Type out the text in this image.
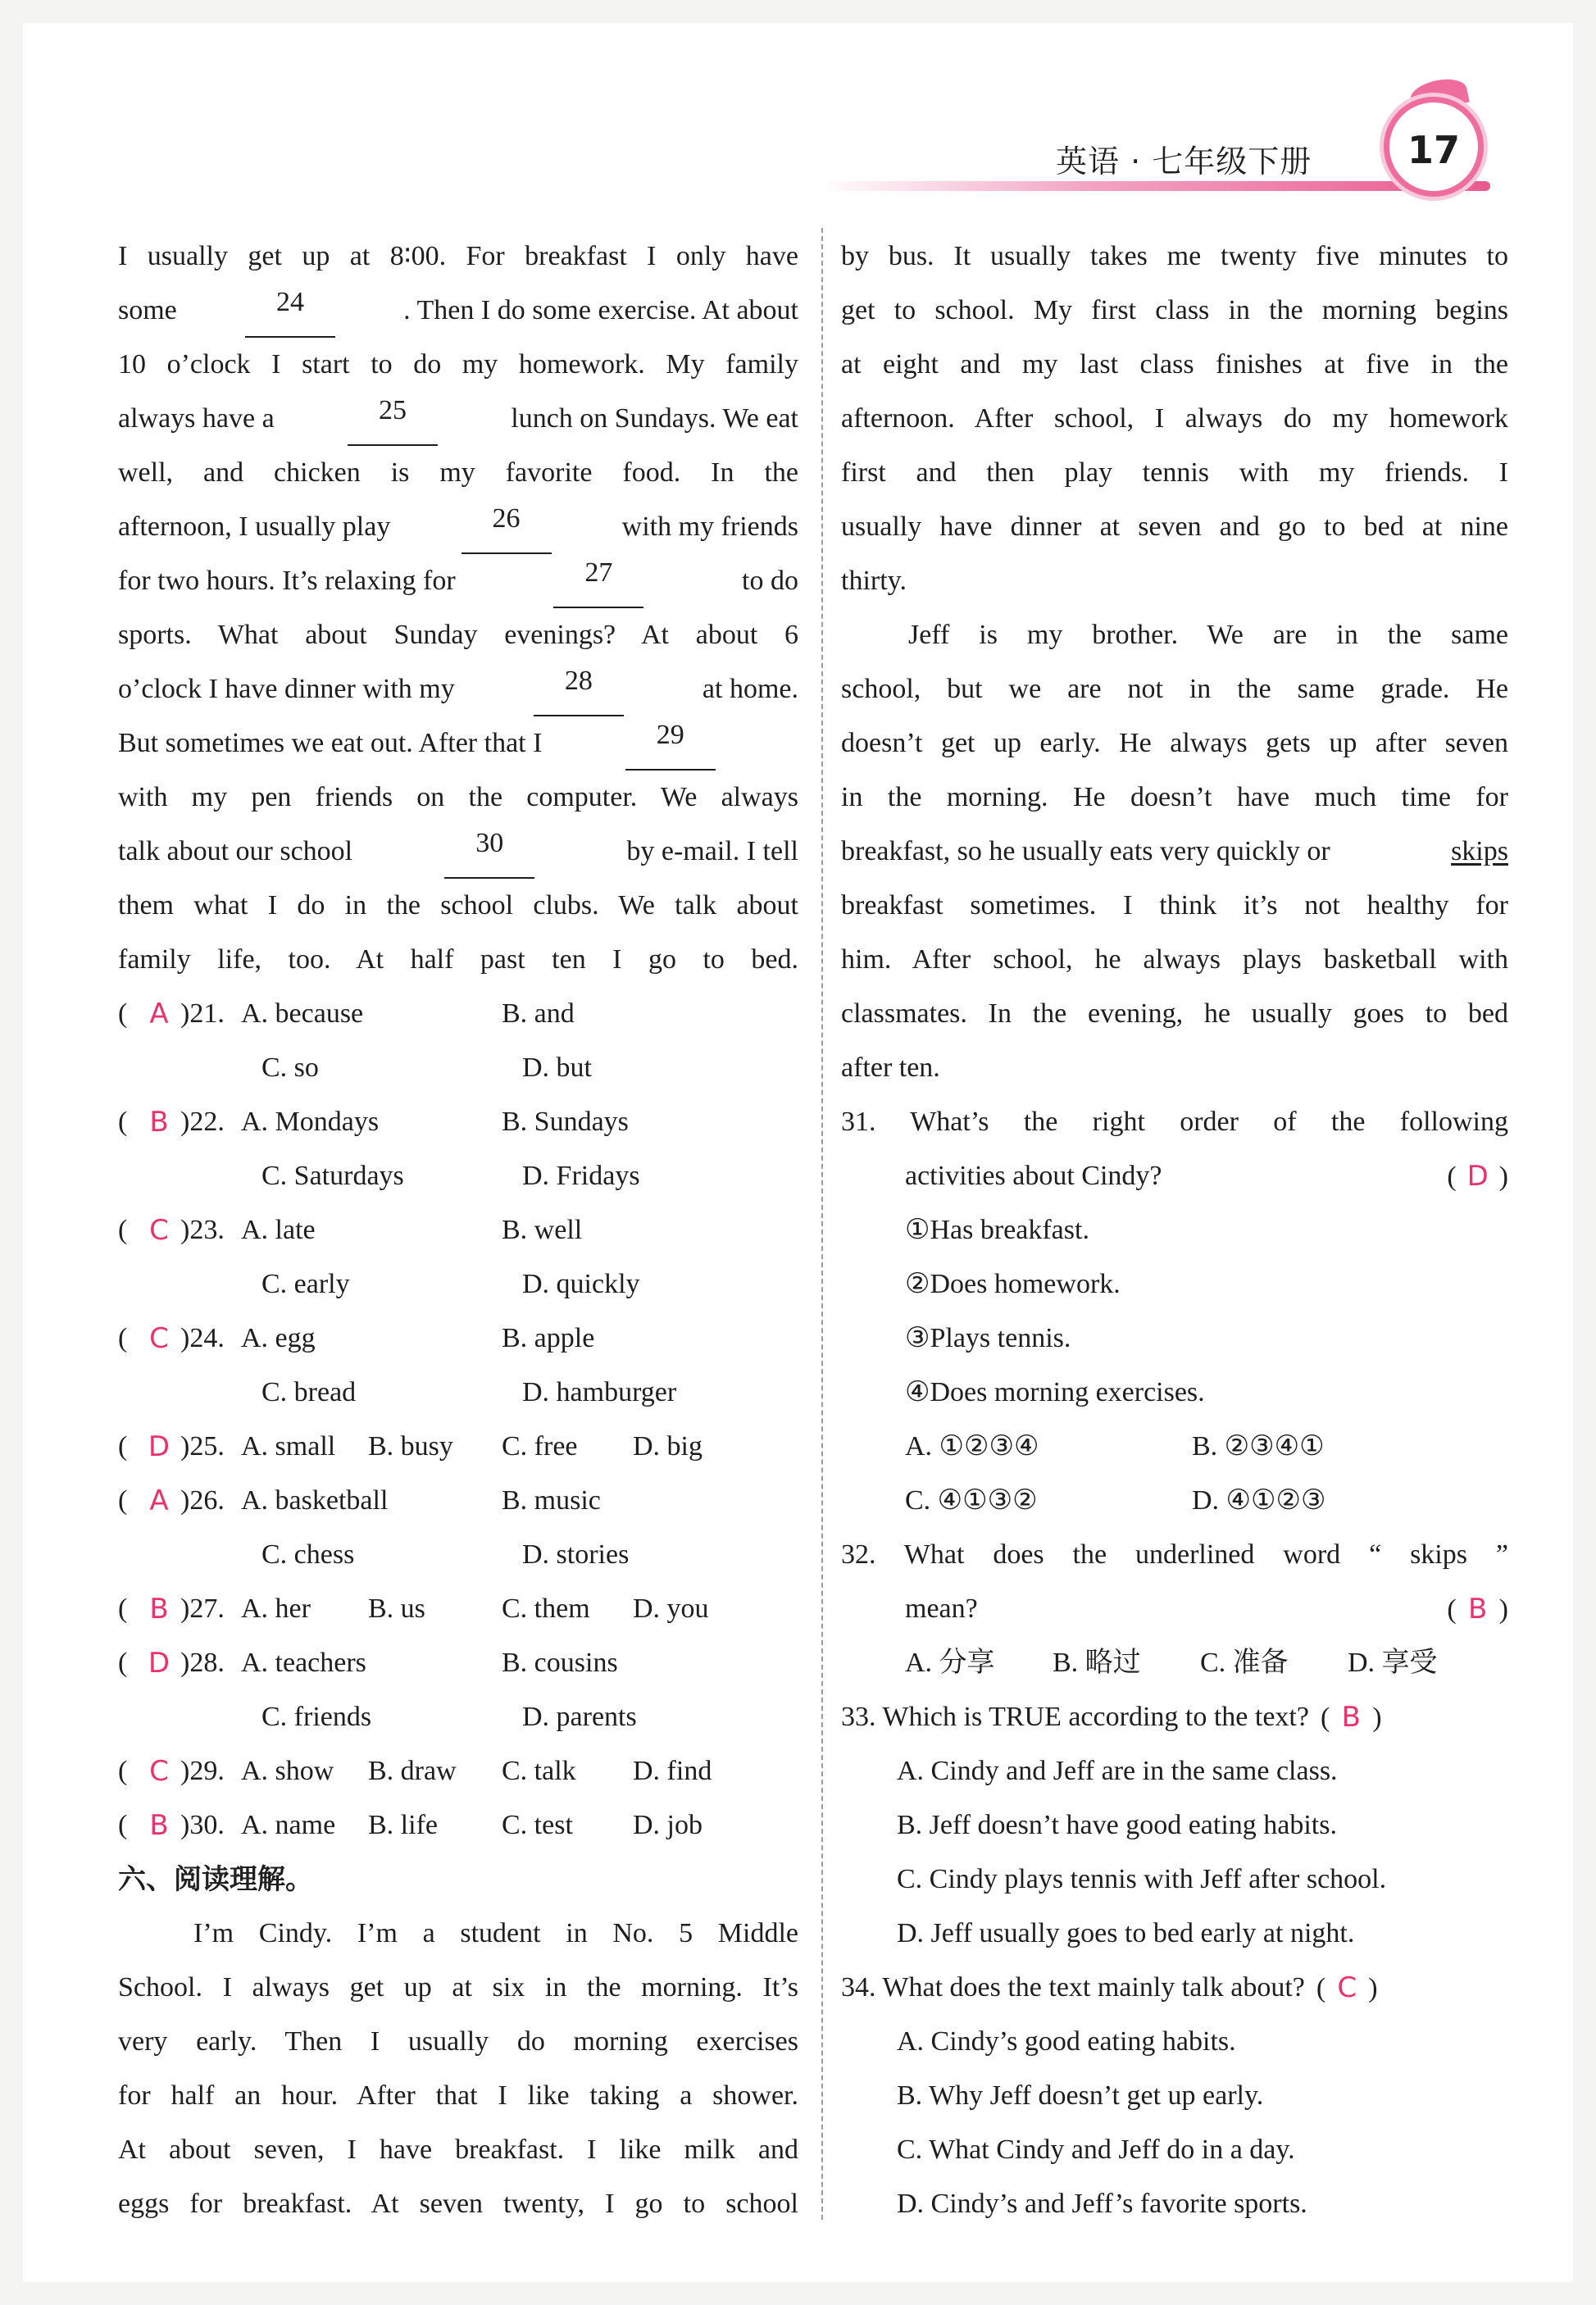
英语 · 七年级下册	17
I usually get up at 8∶00. For breakfast I only have
some	24	. Then I do some exercise. At about
10 o’clock I start to do my homework. My family
always have a	25	lunch on Sundays. We eat
well, and chicken is my favorite food. In the
afternoon, I usually play	26	with my friends
for two hours. It’s relaxing for	27	to do
sports. What about Sunday evenings? At about 6
o’clock I have dinner with my	28	at home.
But sometimes we eat out. After that I	29
with my pen friends on the computer. We always
talk about our school	30	by e-mail. I tell
them what I do in the school clubs. We talk about
family life, too. At half past ten I go to bed.
( A )21. A. because	B. and
C. so	D. but
( B )22. A. Mondays	B. Sundays
C. Saturdays	D. Fridays
( C )23. A. late	B. well
C. early	D. quickly
( C )24. A. egg	B. apple
C. bread	D. hamburger
( D )25. A. small	B. busy	C. free	D. big
( A )26. A. basketball	B. music
C. chess	D. stories
( B )27. A. her	B. us	C. them	D. you
( D )28. A. teachers	B. cousins
C. friends	D. parents
( C )29. A. show	B. draw	C. talk	D. find
( B )30. A. name	B. life	C. test	D. job
六、阅读理解。
I’m Cindy. I’m a student in No. 5 Middle
School. I always get up at six in the morning. It’s
very early. Then I usually do morning exercises
for half an hour. After that I like taking a shower.
At about seven, I have breakfast. I like milk and
eggs for breakfast. At seven twenty, I go to school
by bus. It usually takes me twenty five minutes to
get to school. My first class in the morning begins
at eight and my last class finishes at five in the
afternoon. After school, I always do my homework
first and then play tennis with my friends. I
usually have dinner at seven and go to bed at nine
thirty.
Jeff is my brother. We are in the same
school, but we are not in the same grade. He
doesn’t get up early. He always gets up after seven
in the morning. He doesn’t have much time for
breakfast, so he usually eats very quickly or	skips
breakfast sometimes. I think it’s not healthy for
him. After school, he always plays basketball with
classmates. In the evening, he usually goes to bed
after ten.
31. What’s the right order of the following
activities about Cindy?	( D )
①Has breakfast.
②Does homework.
③Plays tennis.
④Does morning exercises.
A. ①②③④	B. ②③④①
C. ④①③②	D. ④①②③
32. What does the underlined word “ skips ”
mean?	( B )
A. 分享	B. 略过	C. 准备	D. 享受
33. Which is TRUE according to the text? ( B )
A. Cindy and Jeff are in the same class.
B. Jeff doesn’t have good eating habits.
C. Cindy plays tennis with Jeff after school.
D. Jeff usually goes to bed early at night.
34. What does the text mainly talk about? ( C )
A. Cindy’s good eating habits.
B. Why Jeff doesn’t get up early.
C. What Cindy and Jeff do in a day.
D. Cindy’s and Jeff’s favorite sports.
